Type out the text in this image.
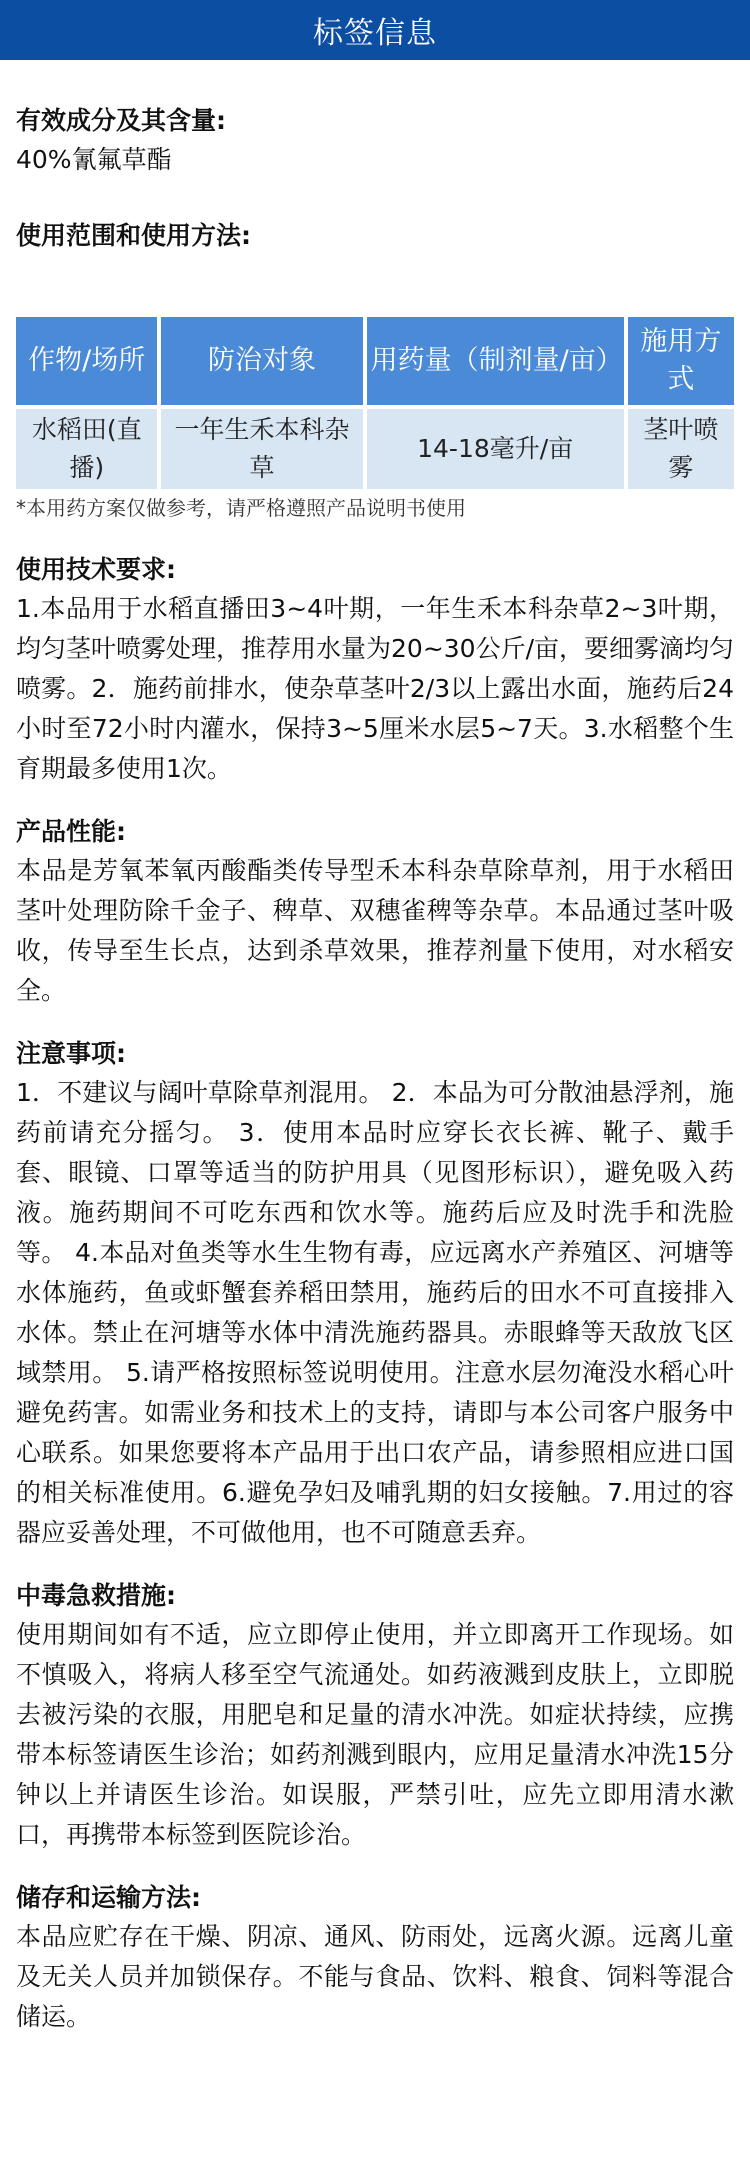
标签信息

有效成分及其含量:

40%氰氟草酯

使用范围和使用方法:

作物/场所	防治对象	用药量（制剂量/亩）	施用方式
水稻田(直播)	一年生禾本科杂草	14-18毫升/亩	茎叶喷雾

*本用药方案仅做参考，请严格遵照产品说明书使用

使用技术要求:

1.本品用于水稻直播田3~4叶期，一年生禾本科杂草2~3叶期，均匀茎叶喷雾处理，推荐用水量为20~30公斤/亩，要细雾滴均匀喷雾。2．施药前排水，使杂草茎叶2/3以上露出水面，施药后24小时至72小时内灌水，保持3~5厘米水层5~7天。3.水稻整个生育期最多使用1次。

产品性能:

本品是芳氧苯氧丙酸酯类传导型禾本科杂草除草剂，用于水稻田茎叶处理防除千金子、稗草、双穗雀稗等杂草。本品通过茎叶吸收，传导至生长点，达到杀草效果，推荐剂量下使用，对水稻安全。

注意事项:

1．不建议与阔叶草除草剂混用。 2．本品为可分散油悬浮剂，施药前请充分摇匀。 3．使用本品时应穿长衣长裤、靴子、戴手套、眼镜、口罩等适当的防护用具（见图形标识），避免吸入药液。施药期间不可吃东西和饮水等。施药后应及时洗手和洗脸等。 4.本品对鱼类等水生生物有毒，应远离水产养殖区、河塘等水体施药，鱼或虾蟹套养稻田禁用，施药后的田水不可直接排入水体。禁止在河塘等水体中清洗施药器具。赤眼蜂等天敌放飞区域禁用。 5.请严格按照标签说明使用。注意水层勿淹没水稻心叶避免药害。如需业务和技术上的支持，请即与本公司客户服务中心联系。如果您要将本产品用于出口农产品，请参照相应进口国的相关标准使用。6.避免孕妇及哺乳期的妇女接触。7.用过的容器应妥善处理，不可做他用，也不可随意丢弃。

中毒急救措施:

使用期间如有不适，应立即停止使用，并立即离开工作现场。如不慎吸入，将病人移至空气流通处。如药液溅到皮肤上，立即脱去被污染的衣服，用肥皂和足量的清水冲洗。如症状持续，应携带本标签请医生诊治；如药剂溅到眼内，应用足量清水冲洗15分钟以上并请医生诊治。如误服，严禁引吐，应先立即用清水漱口，再携带本标签到医院诊治。

储存和运输方法:

本品应贮存在干燥、阴凉、通风、防雨处，远离火源。远离儿童及无关人员并加锁保存。不能与食品、饮料、粮食、饲料等混合储运。
